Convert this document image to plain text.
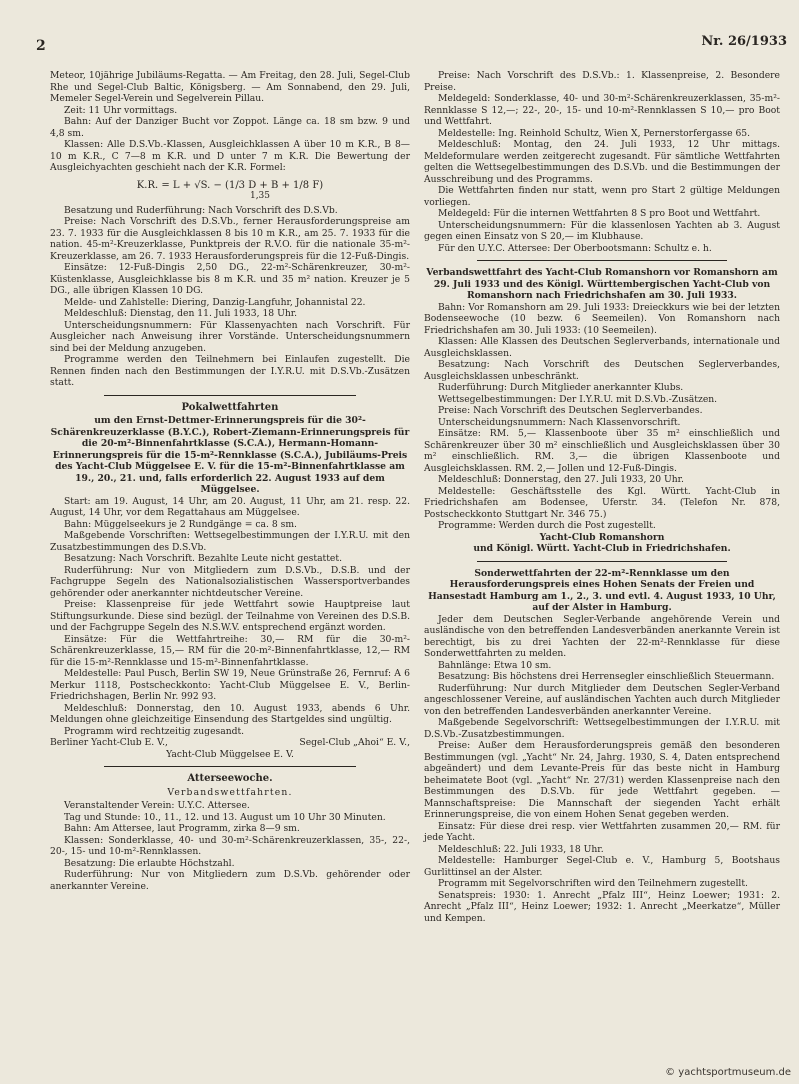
2	Nr. 26/1933

Meteor, 10jährige Jubiläums-Regatta. — Am Freitag, den 28. Juli, Segel-Club Rhe und Segel-Club Baltic, Königsberg. — Am Sonnabend, den 29. Juli, Memeler Segel-Verein und Segelverein Pillau.

Zeit: 11 Uhr vormittags.

Bahn: Auf der Danziger Bucht vor Zoppot. Länge ca. 18 sm bzw. 9 und 4,8 sm.

Klassen: Alle D.S.Vb.-Klassen, Ausgleichklassen A über 10 m K.R., B 8—10 m K.R., C 7—8 m K.R. und D unter 7 m K.R. Die Bewertung der Ausgleichyachten geschieht nach der K.R. Formel:

K.R. = L + √S. − (1/3 D + B + 1/8 F)
1,35

Besatzung und Ruderführung: Nach Vorschrift des D.S.Vb.

Preise: Nach Vorschrift des D.S.Vb., ferner Herausforderungspreise am 23. 7. 1933 für die Ausgleichklassen 8 bis 10 m K.R., am 25. 7. 1933 für die nation. 45-m²-Kreuzerklasse, Punktpreis der R.V.O. für die nationale 35-m²-Kreuzerklasse, am 26. 7. 1933 Herausforderungspreis für die 12-Fuß-Dingis.

Einsätze: 12-Fuß-Dingis 2,50 DG., 22-m²-Schärenkreuzer, 30-m²-Küstenklasse, Ausgleichklasse bis 8 m K.R. und 35 m² nation. Kreuzer je 5 DG., alle übrigen Klassen 10 DG.

Melde- und Zahlstelle: Diering, Danzig-Langfuhr, Johannistal 22.

Meldeschluß: Dienstag, den 11. Juli 1933, 18 Uhr.

Unterscheidungsnummern: Für Klassenyachten nach Vorschrift. Für Ausgleicher nach Anweisung ihrer Vorstände. Unterscheidungsnummern sind bei der Meldung anzugeben.

Programme werden den Teilnehmern bei Einlaufen zugestellt. Die Rennen finden nach den Bestimmungen der I.Y.R.U. mit D.S.Vb.-Zusätzen statt.

Pokalwettfahrten
um den Ernst-Dettmer-Erinnerungspreis für die 30²-Schärenkreuzerklasse (B.Y.C.), Robert-Ziemann-Erinnerungspreis für die 20-m²-Binnenfahrtklasse (S.C.A.), Hermann-Homann-Erinnerungspreis für die 15-m²-Rennklasse (S.C.A.), Jubiläums-Preis des Yacht-Club Müggelsee E. V. für die 15-m²-Binnenfahrtklasse am 19., 20., 21. und, falls erforderlich 22. August 1933 auf dem Müggelsee.

Start: am 19. August, 14 Uhr, am 20. August, 11 Uhr, am 21. resp. 22. August, 14 Uhr, vor dem Regattahaus am Müggelsee.

Bahn: Müggelseekurs je 2 Rundgänge = ca. 8 sm.

Maßgebende Vorschriften: Wettsegelbestimmungen der I.Y.R.U. mit den Zusatzbestimmungen des D.S.Vb.

Besatzung: Nach Vorschrift. Bezahlte Leute nicht gestattet.

Ruderführung: Nur von Mitgliedern zum D.S.Vb., D.S.B. und der Fachgruppe Segeln des Nationalsozialistischen Wassersportverbandes gehörender oder anerkannter nichtdeutscher Vereine.

Preise: Klassenpreise für jede Wettfahrt sowie Hauptpreise laut Stiftungsurkunde. Diese sind bezügl. der Teilnahme von Vereinen des D.S.B. und der Fachgruppe Segeln des N.S.W.V. entsprechend ergänzt worden.

Einsätze: Für die Wettfahrtreihe: 30,— RM für die 30-m²-Schärenkreuzerklasse, 15,— RM für die 20-m²-Binnenfahrtklasse, 12,— RM für die 15-m²-Rennklasse und 15-m²-Binnenfahrtklasse.

Meldestelle: Paul Pusch, Berlin SW 19, Neue Grünstraße 26, Fernruf: A 6 Merkur 1118, Postscheckkonto: Yacht-Club Müggelsee E. V., Berlin-Friedrichshagen, Berlin Nr. 992 93.

Meldeschluß: Donnerstag, den 10. August 1933, abends 6 Uhr. Meldungen ohne gleichzeitige Einsendung des Startgeldes sind ungültig.

Programm wird rechtzeitig zugesandt.

Berliner Yacht-Club E. V.,	Segel-Club „Ahoi“ E. V.,
Yacht-Club Müggelsee E. V.
Atterseewoche.
Verbandswettfahrten.

Veranstaltender Verein: U.Y.C. Attersee.

Tag und Stunde: 10., 11., 12. und 13. August um 10 Uhr 30 Minuten.

Bahn: Am Attersee, laut Programm, zirka 8—9 sm.

Klassen: Sonderklasse, 40- und 30-m²-Schärenkreuzerklassen, 35-, 22-, 20-, 15- und 10-m²-Rennklassen.

Besatzung: Die erlaubte Höchstzahl.

Ruderführung: Nur von Mitgliedern zum D.S.Vb. gehörender oder anerkannter Vereine.

Preise: Nach Vorschrift des D.S.Vb.: 1. Klassenpreise, 2. Besondere Preise.

Meldegeld: Sonderklasse, 40- und 30-m²-Schärenkreuzerklassen, 35-m²-Rennklasse S 12,—; 22-, 20-, 15- und 10-m²-Rennklassen S 10,— pro Boot und Wettfahrt.

Meldestelle: Ing. Reinhold Schultz, Wien X, Pernerstorfergasse 65.

Meldeschluß: Montag, den 24. Juli 1933, 12 Uhr mittags. Meldeformulare werden zeitgerecht zugesandt. Für sämtliche Wettfahrten gelten die Wettsegelbestimmungen des D.S.Vb. und die Bestimmungen der Ausschreibung und des Programms.

Die Wettfahrten finden nur statt, wenn pro Start 2 gültige Meldungen vorliegen.

Meldegeld: Für die internen Wettfahrten 8 S pro Boot und Wettfahrt.

Unterscheidungsnummern: Für die klassenlosen Yachten ab 3. August gegen einen Einsatz von S 20,— im Klubhause.

Für den U.Y.C. Attersee: Der Oberbootsmann: Schultz e. h.

Verbandswettfahrt des Yacht-Club Romanshorn vor Romanshorn am 29. Juli 1933 und des Königl. Württembergischen Yacht-Club von Romanshorn nach Friedrichshafen am 30. Juli 1933.

Bahn: Vor Romanshorn am 29. Juli 1933: Dreieckkurs wie bei der letzten Bodenseewoche (10 bezw. 6 Seemeilen). Von Romanshorn nach Friedrichshafen am 30. Juli 1933: (10 Seemeilen).

Klassen: Alle Klassen des Deutschen Seglerverbands, internationale und Ausgleichsklassen.

Besatzung: Nach Vorschrift des Deutschen Seglerverbandes, Ausgleichsklassen unbeschränkt.

Ruderführung: Durch Mitglieder anerkannter Klubs.

Wettsegelbestimmungen: Der I.Y.R.U. mit D.S.Vb.-Zusätzen.

Preise: Nach Vorschrift des Deutschen Seglerverbandes.

Unterscheidungsnummern: Nach Klassenvorschrift.

Einsätze: RM. 5,— Klassenboote über 35 m² einschließlich und Schärenkreuzer über 30 m² einschließlich und Ausgleichsklassen über 30 m² einschließlich. RM. 3,— die übrigen Klassenboote und Ausgleichsklassen. RM. 2,— Jollen und 12-Fuß-Dingis.

Meldeschluß: Donnerstag, den 27. Juli 1933, 20 Uhr.

Meldestelle: Geschäftsstelle des Kgl. Württ. Yacht-Club in Friedrichshafen am Bodensee, Uferstr. 34. (Telefon Nr. 878, Postscheckkonto Stuttgart Nr. 346 75.)

Programme: Werden durch die Post zugestellt.

Yacht-Club Romanshorn
und Königl. Württ. Yacht-Club in Friedrichshafen.
Sonderwettfahrten der 22-m²-Rennklasse um den Herausforderungspreis eines Hohen Senats der Freien und Hansestadt Hamburg am 1., 2., 3. und evtl. 4. August 1933, 10 Uhr, auf der Alster in Hamburg.

Jeder dem Deutschen Segler-Verbande angehörende Verein und ausländische von den betreffenden Landesverbänden anerkannte Verein ist berechtigt, bis zu drei Yachten der 22-m²-Rennklasse für diese Sonderwettfahrten zu melden.

Bahnlänge: Etwa 10 sm.

Besatzung: Bis höchstens drei Herrensegler einschließlich Steuermann.

Ruderführung: Nur durch Mitglieder dem Deutschen Segler-Verband angeschlossener Vereine, auf ausländischen Yachten auch durch Mitglieder von den betreffenden Landesverbänden anerkannter Vereine.

Maßgebende Segelvorschrift: Wettsegelbestimmungen der I.Y.R.U. mit D.S.Vb.-Zusatzbestimmungen.

Preise: Außer dem Herausforderungspreis gemäß den besonderen Bestimmungen (vgl. „Yacht“ Nr. 24, Jahrg. 1930, S. 4, Daten entsprechend abgeändert) und dem Levante-Preis für das beste nicht in Hamburg beheimatete Boot (vgl. „Yacht“ Nr. 27/31) werden Klassenpreise nach den Bestimmungen des D.S.Vb. für jede Wettfahrt gegeben. — Mannschaftspreise: Die Mannschaft der siegenden Yacht erhält Erinnerungspreise, die von einem Hohen Senat gegeben werden.

Einsatz: Für diese drei resp. vier Wettfahrten zusammen 20,— RM. für jede Yacht.

Meldeschluß: 22. Juli 1933, 18 Uhr.

Meldestelle: Hamburger Segel-Club e. V., Hamburg 5, Bootshaus Gurlittinsel an der Alster.

Programm mit Segelvorschriften wird den Teilnehmern zugestellt.

Senatspreis: 1930: 1. Anrecht „Pfalz III“, Heinz Loewer; 1931: 2. Anrecht „Pfalz III“, Heinz Loewer; 1932: 1. Anrecht „Meerkatze“, Müller und Kempen.

© yachtsportmuseum.de
